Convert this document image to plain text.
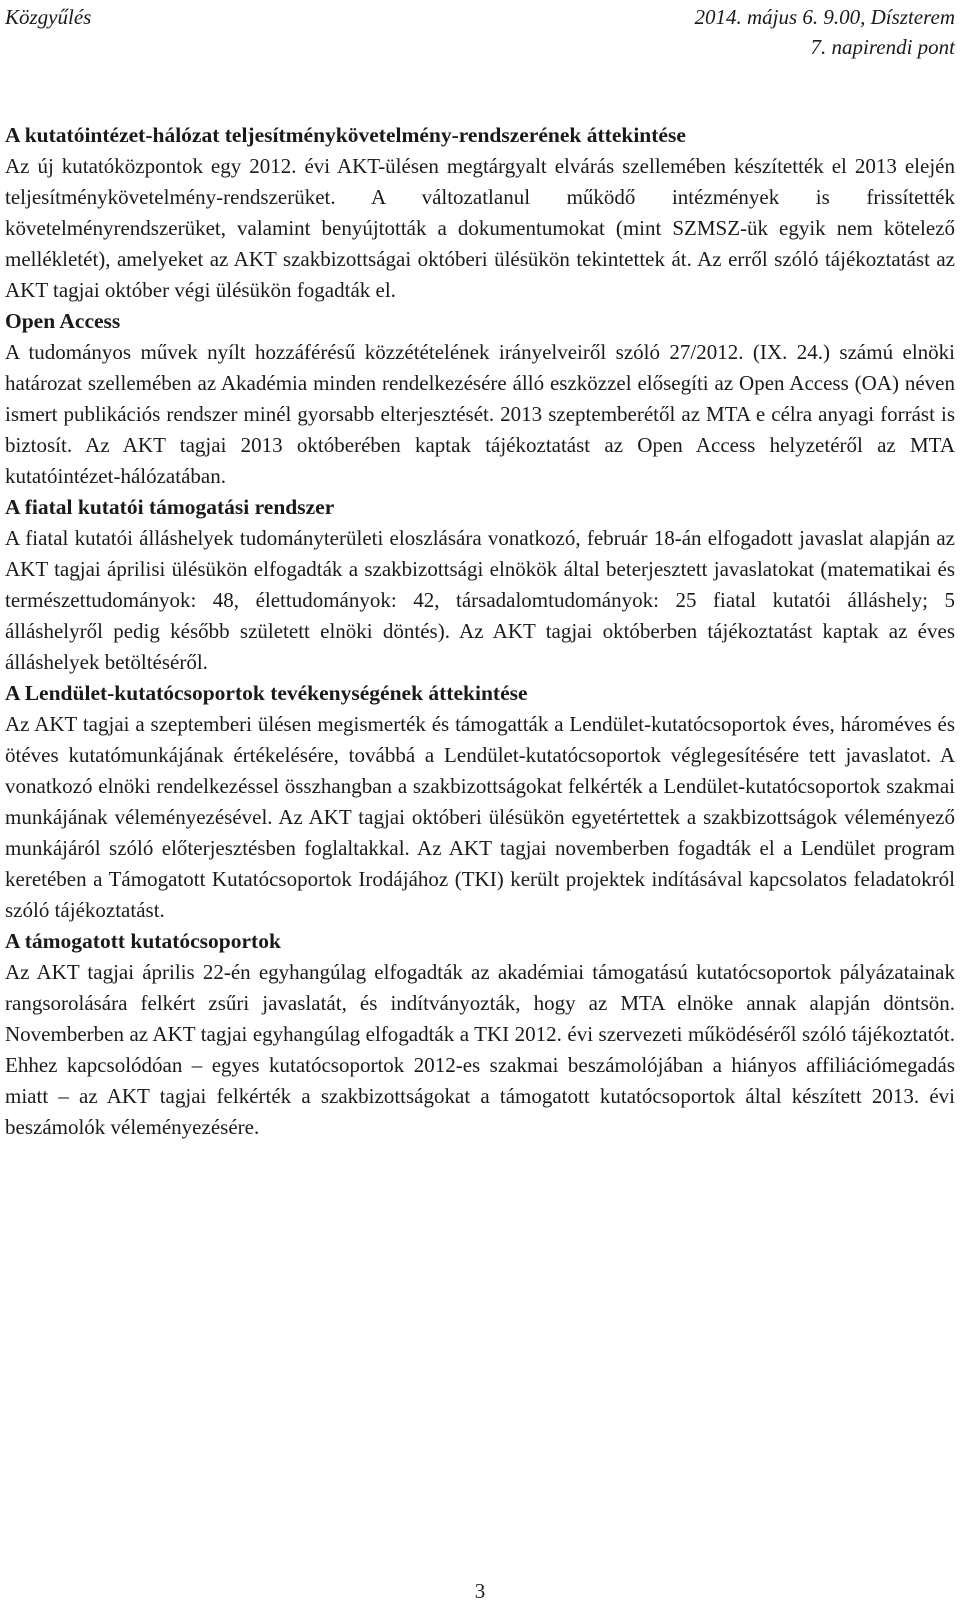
Közgyűlés	2014. május 6. 9.00, Díszterem
7. napirendi pont
A kutatóintézet-hálózat teljesítménykövetelmény-rendszerének áttekintése

Az új kutatóközpontok egy 2012. évi AKT-ülésen megtárgyalt elvárás szellemében készítették el 2013 elején teljesítménykövetelmény-rendszerüket. A változatlanul működő intézmények is frissítették követelményrendszerüket, valamint benyújtották a dokumentumokat (mint SZMSZ-ük egyik nem kötelező mellékletét), amelyeket az AKT szakbizottságai októberi ülésükön tekintettek át. Az erről szóló tájékoztatást az AKT tagjai október végi ülésükön fogadták el.

Open Access

A tudományos művek nyílt hozzáférésű közzétételének irányelveiről szóló 27/2012. (IX. 24.) számú elnöki határozat szellemében az Akadémia minden rendelkezésére álló eszközzel elősegíti az Open Access (OA) néven ismert publikációs rendszer minél gyorsabb elterjesztését. 2013 szeptemberétől az MTA e célra anyagi forrást is biztosít. Az AKT tagjai 2013 októberében kaptak tájékoztatást az Open Access helyzetéről az MTA kutatóintézet-hálózatában.

A fiatal kutatói támogatási rendszer

A fiatal kutatói álláshelyek tudományterületi eloszlására vonatkozó, február 18-án elfogadott javaslat alapján az AKT tagjai áprilisi ülésükön elfogadták a szakbizottsági elnökök által beterjesztett javaslatokat (matematikai és természettudományok: 48, élettudományok: 42, társadalomtudományok: 25 fiatal kutatói álláshely; 5 álláshelyről pedig később született elnöki döntés). Az AKT tagjai októberben tájékoztatást kaptak az éves álláshelyek betöltéséről.

A Lendület-kutatócsoportok tevékenységének áttekintése

Az AKT tagjai a szeptemberi ülésen megismerték és támogatták a Lendület-kutatócsoportok éves, hároméves és ötéves kutatómunkájának értékelésére, továbbá a Lendület-kutatócsoportok véglegesítésére tett javaslatot. A vonatkozó elnöki rendelkezéssel összhangban a szakbizottságokat felkérték a Lendület-kutatócsoportok szakmai munkájának véleményezésével. Az AKT tagjai októberi ülésükön egyetértettek a szakbizottságok véleményező munkájáról szóló előterjesztésben foglaltakkal. Az AKT tagjai novemberben fogadták el a Lendület program keretében a Támogatott Kutatócsoportok Irodájához (TKI) került projektek indításával kapcsolatos feladatokról szóló tájékoztatást.

A támogatott kutatócsoportok

Az AKT tagjai április 22-én egyhangúlag elfogadták az akadémiai támogatású kutatócsoportok pályázatainak rangsorolására felkért zsűri javaslatát, és indítványozták, hogy az MTA elnöke annak alapján döntsön. Novemberben az AKT tagjai egyhangúlag elfogadták a TKI 2012. évi szervezeti működéséről szóló tájékoztatót. Ehhez kapcsolódóan – egyes kutatócsoportok 2012-es szakmai beszámolójában a hiányos affiliációmegadás miatt – az AKT tagjai felkérték a szakbizottságokat a támogatott kutatócsoportok által készített 2013. évi beszámolók véleményezésére.

3
